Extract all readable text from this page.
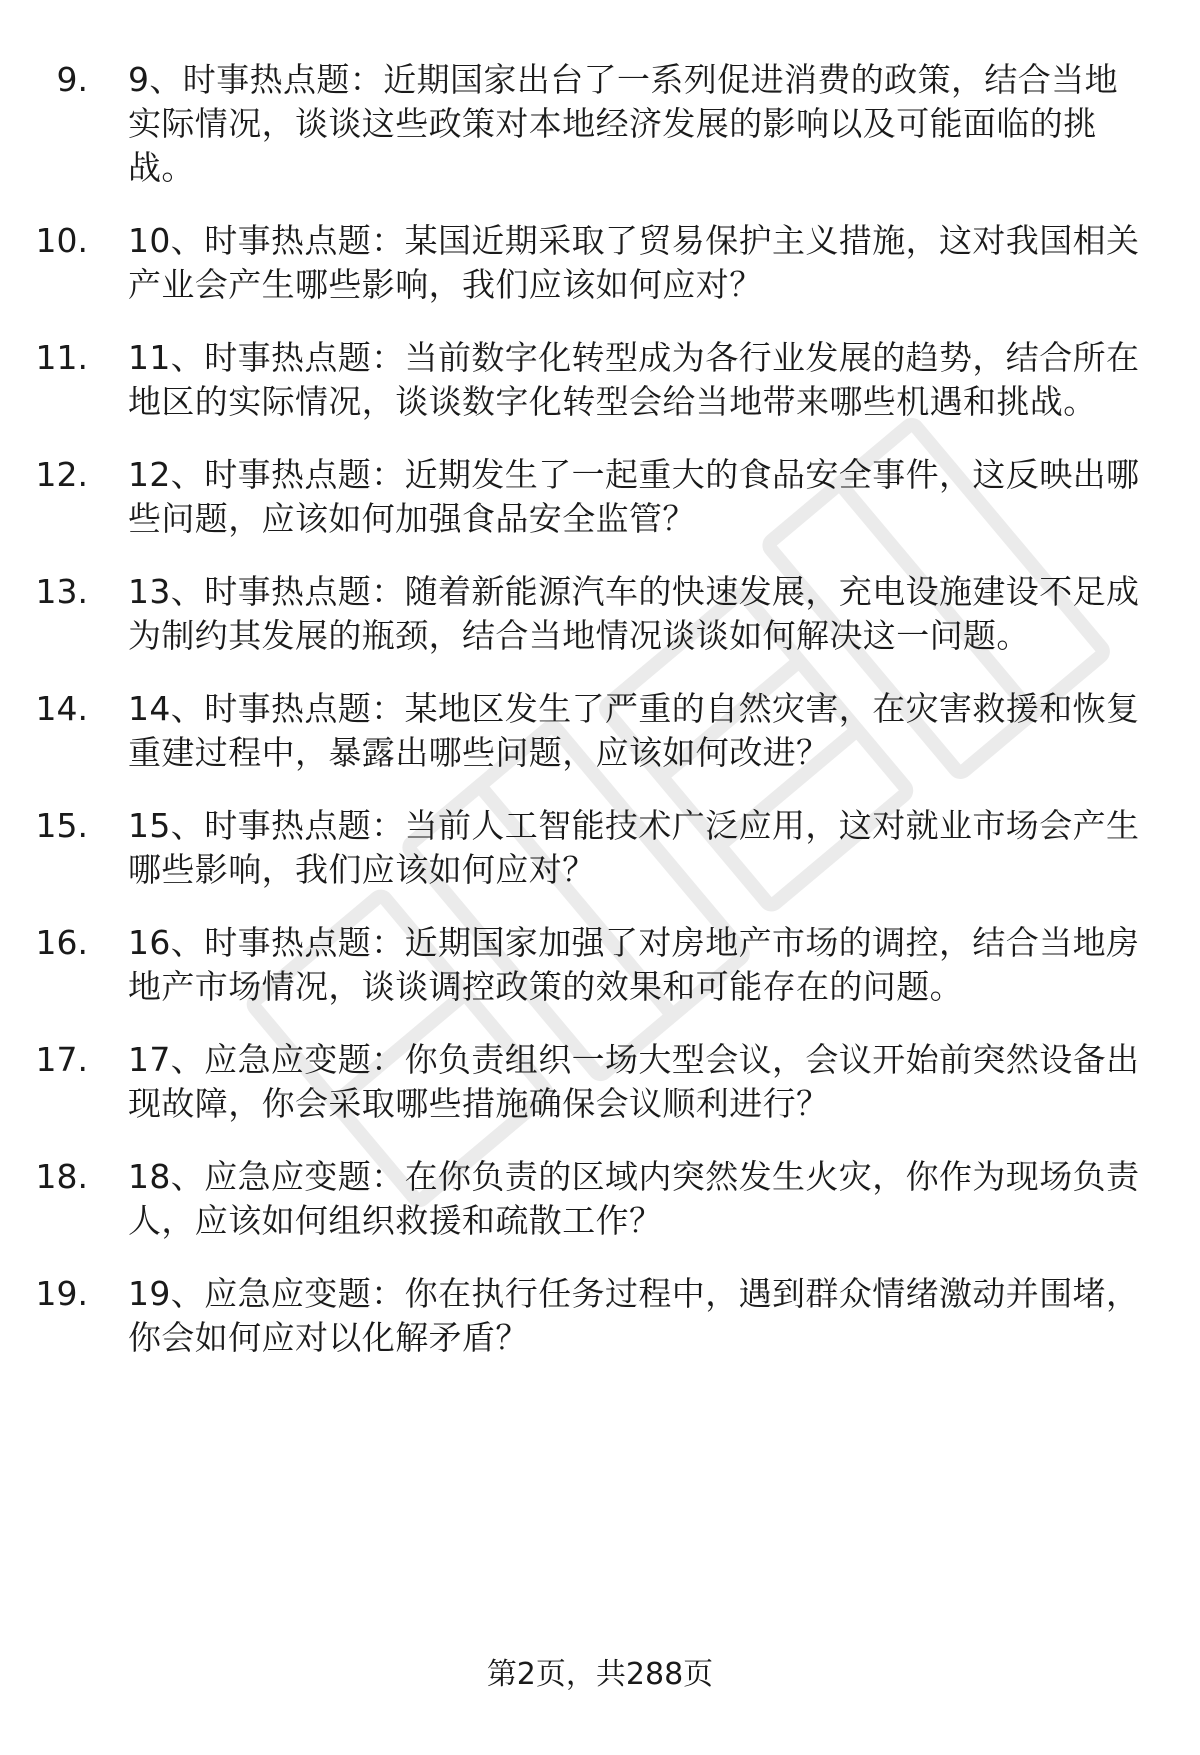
9.	9、时事热点题：近期国家出台了一系列促进消费的政策，结合当地实际情况，谈谈这些政策对本地经济发展的影响以及可能面临的挑战。
10.	10、时事热点题：某国近期采取了贸易保护主义措施，这对我国相关产业会产生哪些影响，我们应该如何应对？
11.	11、时事热点题：当前数字化转型成为各行业发展的趋势，结合所在地区的实际情况，谈谈数字化转型会给当地带来哪些机遇和挑战。
12.	12、时事热点题：近期发生了一起重大的食品安全事件，这反映出哪些问题，应该如何加强食品安全监管？
13.	13、时事热点题：随着新能源汽车的快速发展，充电设施建设不足成为制约其发展的瓶颈，结合当地情况谈谈如何解决这一问题。
14.	14、时事热点题：某地区发生了严重的自然灾害，在灾害救援和恢复重建过程中，暴露出哪些问题，应该如何改进？
15.	15、时事热点题：当前人工智能技术广泛应用，这对就业市场会产生哪些影响，我们应该如何应对？
16.	16、时事热点题：近期国家加强了对房地产市场的调控，结合当地房地产市场情况，谈谈调控政策的效果和可能存在的问题。
17.	17、应急应变题：你负责组织一场大型会议，会议开始前突然设备出现故障，你会采取哪些措施确保会议顺利进行？
18.	18、应急应变题：在你负责的区域内突然发生火灾，你作为现场负责人，应该如何组织救援和疏散工作？
19.	19、应急应变题：你在执行任务过程中，遇到群众情绪激动并围堵，你会如何应对以化解矛盾？
第2页，共288页
